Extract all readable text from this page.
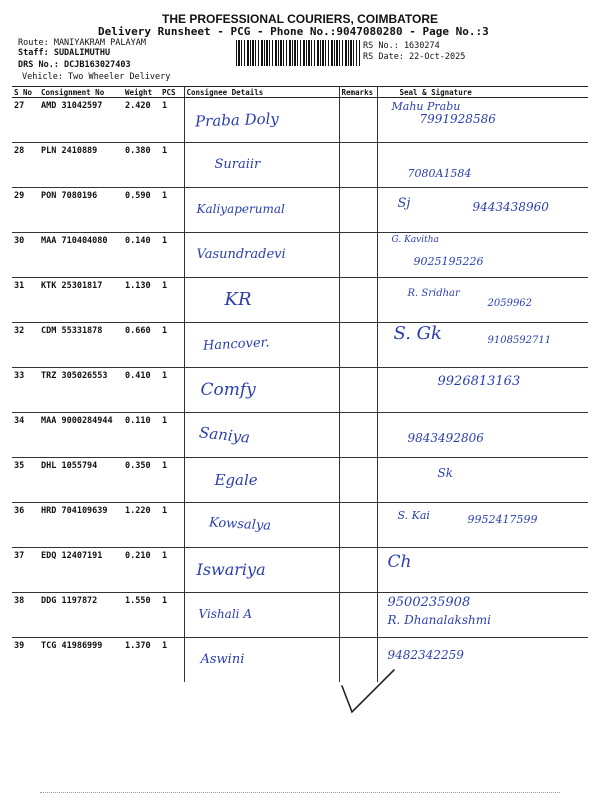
THE PROFESSIONAL COURIERS, COIMBATORE
Delivery Runsheet - PCG - Phone No.:9047080280 - Page No.:3
Route: MANIYAKRAM PALAYAM
Staff: SUDALIMUTHU
DRS No.: DCJB163027403
Vehicle: Two Wheeler Delivery
RS No.: 1630274
RS Date: 22-Oct-2025
S No	Consignment No	Weight	PCS	Consignee Details	Remarks	Seal & Signature
27	AMD 31042597	2.420	1	Praba Doly		Mahu Prabu
7991928586

28	PLN 2410889	0.380	1	Suraiir		7080A1584

29	PON 7080196	0.590	1	Kaliyaperumal		Sj 9443438960

30	MAA 710404080	0.140	1	Vasundradevi		G. Kavitha
9025195226

31	KTK 25301817	1.130	1	KR		R. Sridhar
2059962

32	CDM 55331878	0.660	1	Hancover.		S. Gk 9108592711

33	TRZ 305026553	0.410	1	Comfy		9926813163

34	MAA 9000284944	0.110	1	Saniya		9843492806

35	DHL 1055794	0.350	1	Egale		Sk

36	HRD 704109639	1.220	1	Kowsalya		S. Kai 9952417599

37	EDQ 12407191	0.210	1	Iswariya		Ch

38	DDG 1197872	1.550	1	Vishali A		R. Dhanalakshmi
9500235908

39	TCG 41986999	1.370	1	Aswini		9482342259
